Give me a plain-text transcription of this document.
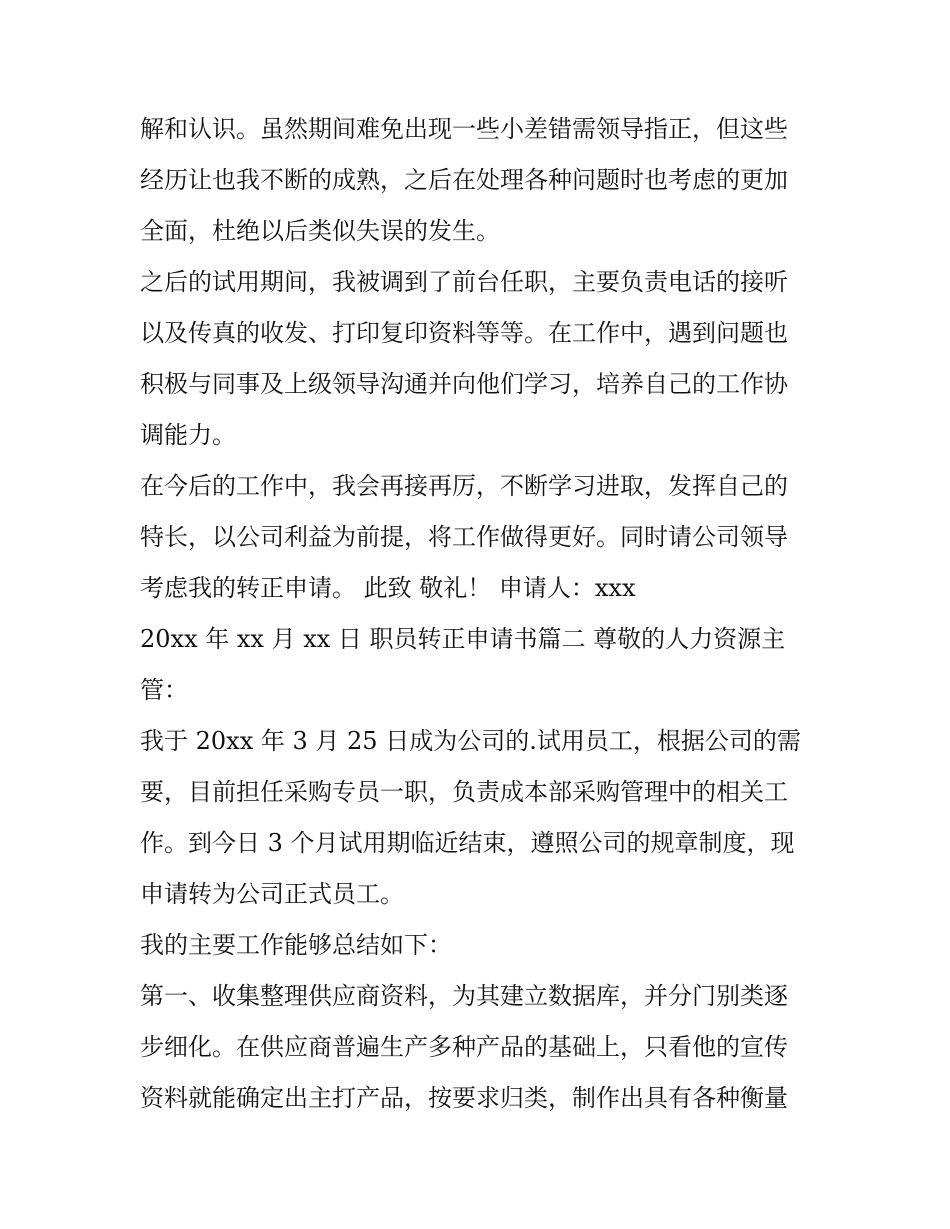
解和认识。虽然期间难免出现一些小差错需领导指正，但这些
经历让也我不断的成熟，之后在处理各种问题时也考虑的更加
全面，杜绝以后类似失误的发生。
之后的试用期间，我被调到了前台任职，主要负责电话的接听
以及传真的收发、打印复印资料等等。在工作中，遇到问题也
积极与同事及上级领导沟通并向他们学习，培养自己的工作协
调能力。
在今后的工作中，我会再接再厉，不断学习进取，发挥自己的
特长，以公司利益为前提，将工作做得更好。同时请公司领导
考虑我的转正申请。 此致 敬礼！ 申请人：xxx
20xx 年 xx 月 xx 日 职员转正申请书篇二 尊敬的人力资源主
管：
我于 20xx 年 3 月 25 日成为公司的.试用员工，根据公司的需
要，目前担任采购专员一职，负责成本部采购管理中的相关工
作。到今日 3 个月试用期临近结束，遵照公司的规章制度，现
申请转为公司正式员工。
我的主要工作能够总结如下：
第一、收集整理供应商资料，为其建立数据库，并分门别类逐
步细化。在供应商普遍生产多种产品的基础上，只看他的宣传
资料就能确定出主打产品，按要求归类，制作出具有各种衡量
